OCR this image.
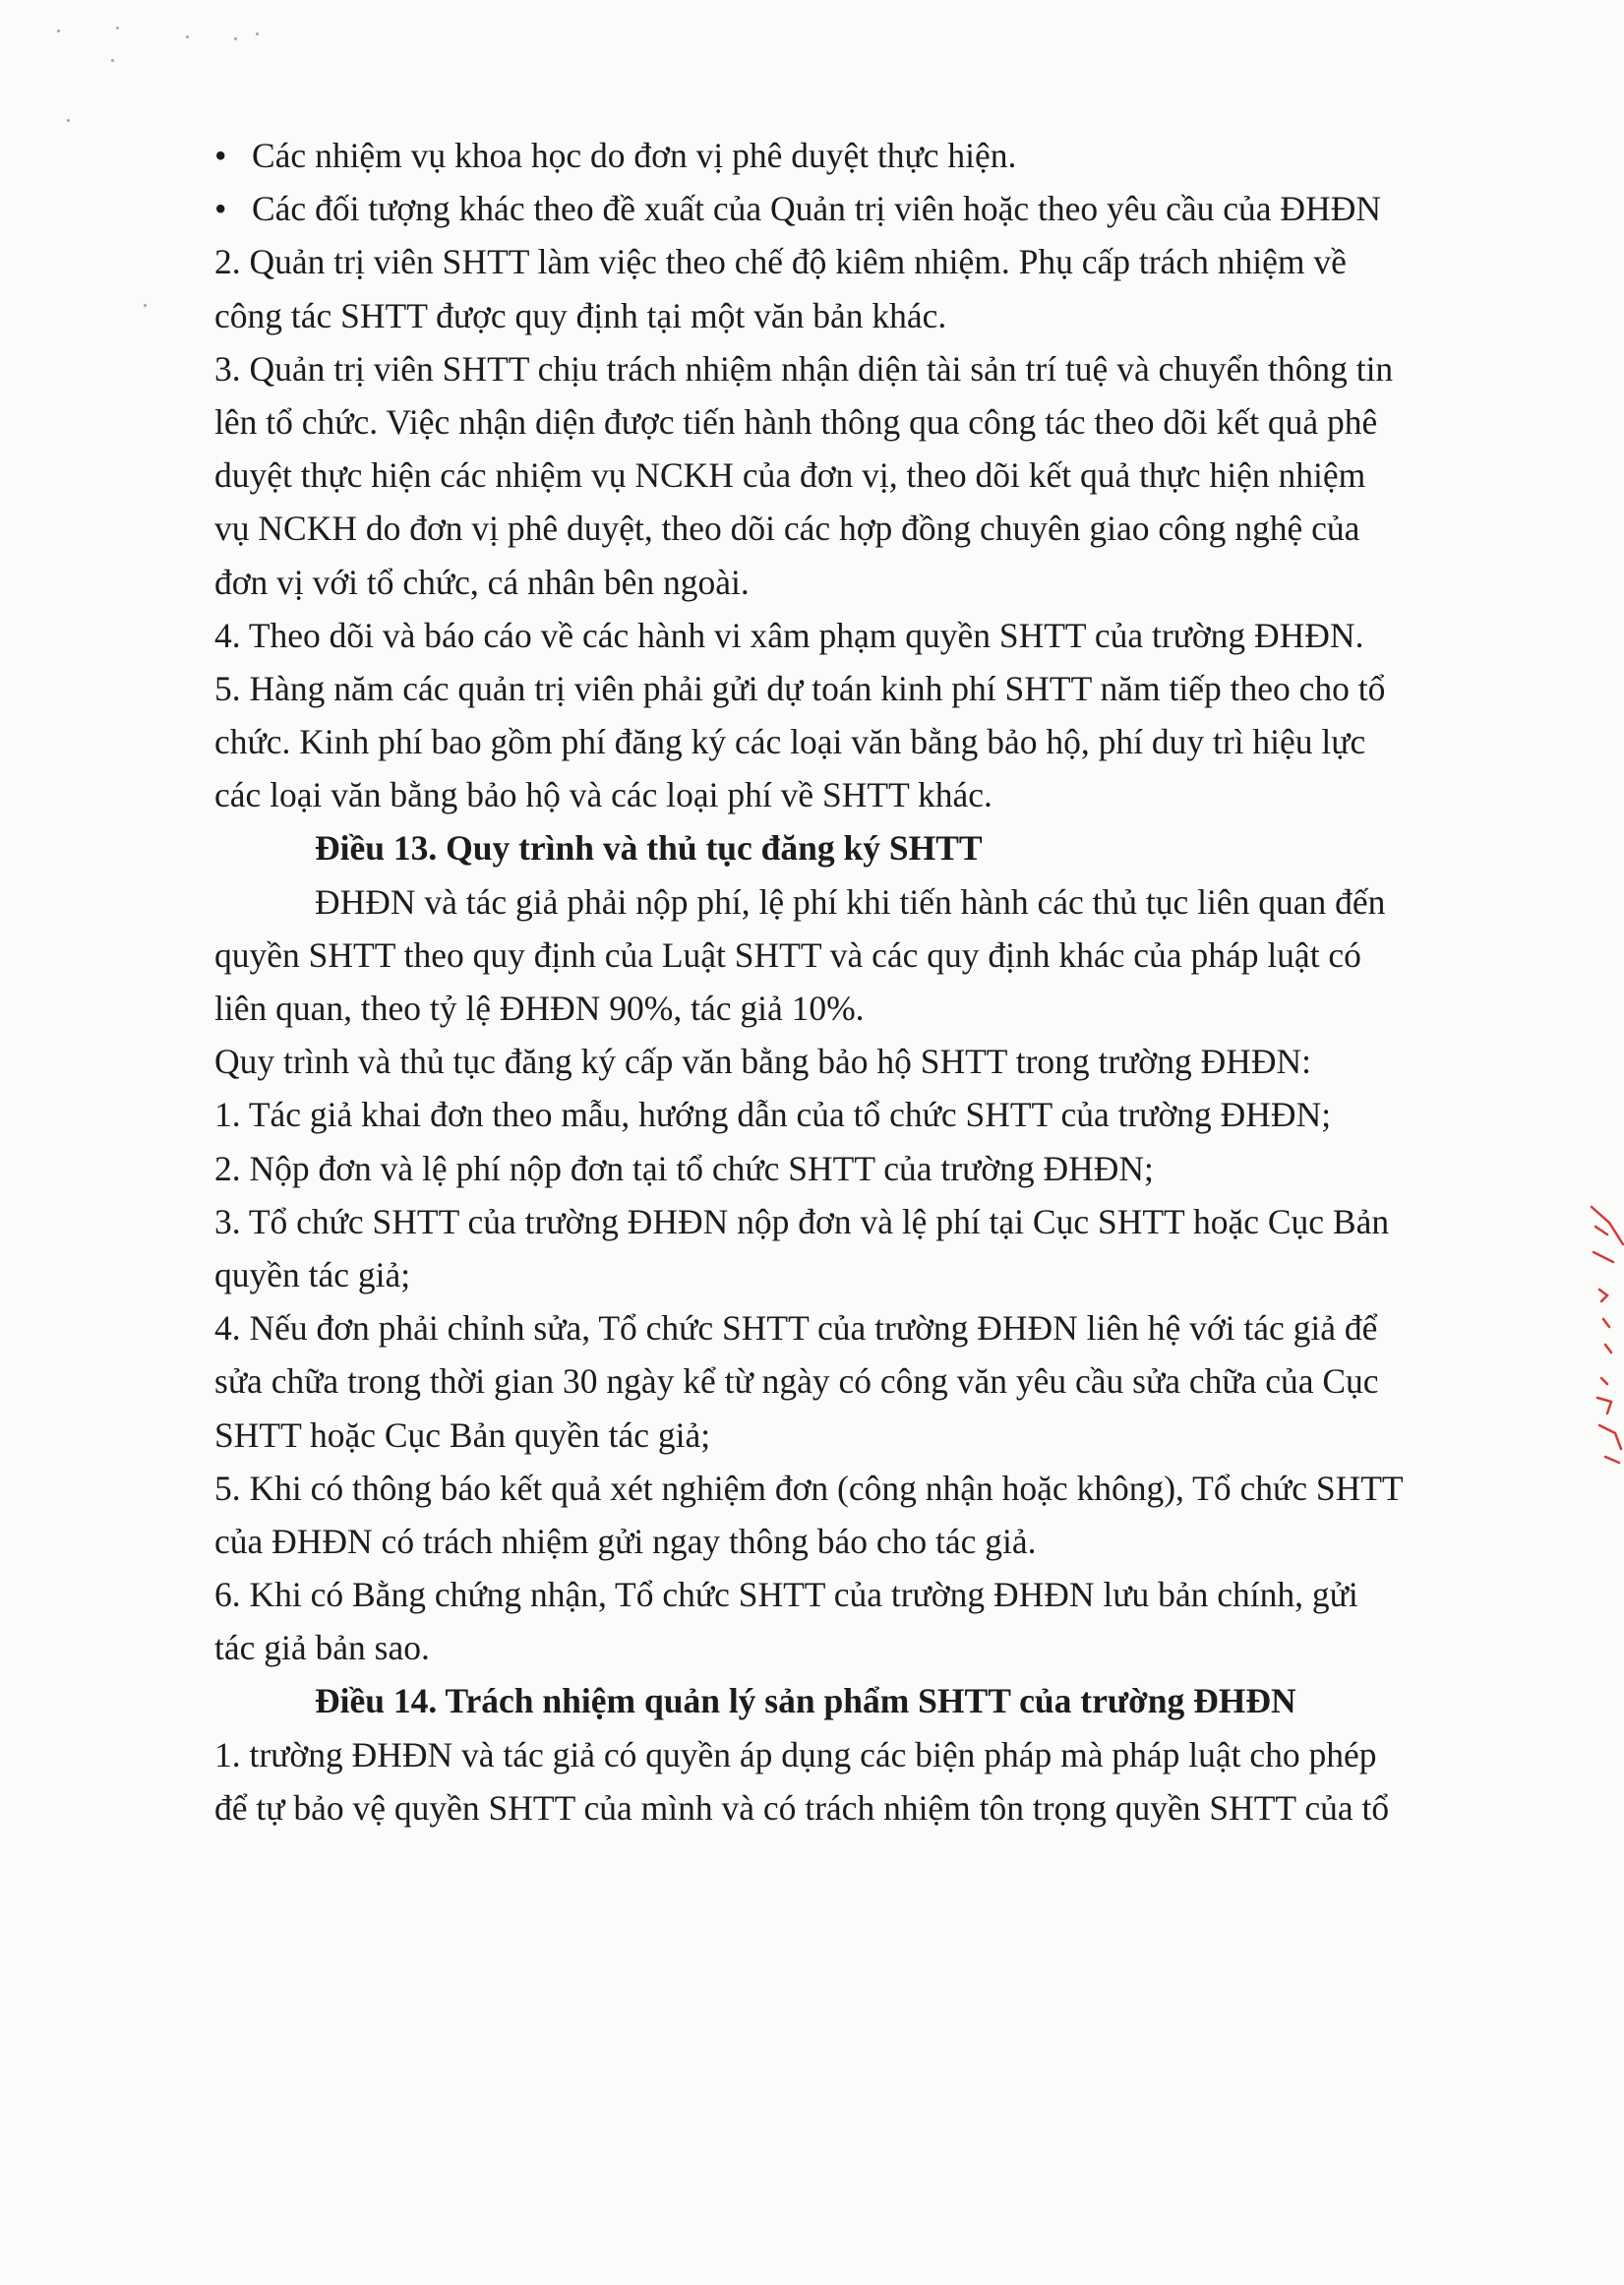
• Các nhiệm vụ khoa học do đơn vị phê duyệt thực hiện.
• Các đối tượng khác theo đề xuất của Quản trị viên hoặc theo yêu cầu của ĐHĐN
2. Quản trị viên SHTT làm việc theo chế độ kiêm nhiệm. Phụ cấp trách nhiệm về
công tác SHTT được quy định tại một văn bản khác.
3. Quản trị viên SHTT chịu trách nhiệm nhận diện tài sản trí tuệ và chuyển thông tin
lên tổ chức. Việc nhận diện được tiến hành thông qua công tác theo dõi kết quả phê
duyệt thực hiện các nhiệm vụ NCKH của đơn vị, theo dõi kết quả thực hiện nhiệm
vụ NCKH do đơn vị phê duyệt, theo dõi các hợp đồng chuyên giao công nghệ của
đơn vị với tổ chức, cá nhân bên ngoài.
4. Theo dõi và báo cáo về các hành vi xâm phạm quyền SHTT của trường ĐHĐN.
5. Hàng năm các quản trị viên phải gửi dự toán kinh phí SHTT năm tiếp theo cho tổ
chức. Kinh phí bao gồm phí đăng ký các loại văn bằng bảo hộ, phí duy trì hiệu lực
các loại văn bằng bảo hộ và các loại phí về SHTT khác.
Điều 13. Quy trình và thủ tục đăng ký SHTT
ĐHĐN và tác giả phải nộp phí, lệ phí khi tiến hành các thủ tục liên quan đến
quyền SHTT theo quy định của Luật SHTT và các quy định khác của pháp luật có
liên quan, theo tỷ lệ ĐHĐN 90%, tác giả 10%.
Quy trình và thủ tục đăng ký cấp văn bằng bảo hộ SHTT trong trường ĐHĐN:
1. Tác giả khai đơn theo mẫu, hướng dẫn của tổ chức SHTT của trường ĐHĐN;
2. Nộp đơn và lệ phí nộp đơn tại tổ chức SHTT của trường ĐHĐN;
3. Tổ chức SHTT của trường ĐHĐN nộp đơn và lệ phí tại Cục SHTT hoặc Cục Bản
quyền tác giả;
4. Nếu đơn phải chỉnh sửa, Tổ chức SHTT của trường ĐHĐN liên hệ với tác giả để
sửa chữa trong thời gian 30 ngày kể từ ngày có công văn yêu cầu sửa chữa của Cục
SHTT hoặc Cục Bản quyền tác giả;
5. Khi có thông báo kết quả xét nghiệm đơn (công nhận hoặc không), Tổ chức SHTT
của ĐHĐN có trách nhiệm gửi ngay thông báo cho tác giả.
6. Khi có Bằng chứng nhận, Tổ chức SHTT của trường ĐHĐN lưu bản chính, gửi
tác giả bản sao.
Điều 14. Trách nhiệm quản lý sản phẩm SHTT của trường ĐHĐN
1. trường ĐHĐN và tác giả có quyền áp dụng các biện pháp mà pháp luật cho phép
để tự bảo vệ quyền SHTT của mình và có trách nhiệm tôn trọng quyền SHTT của tổ
